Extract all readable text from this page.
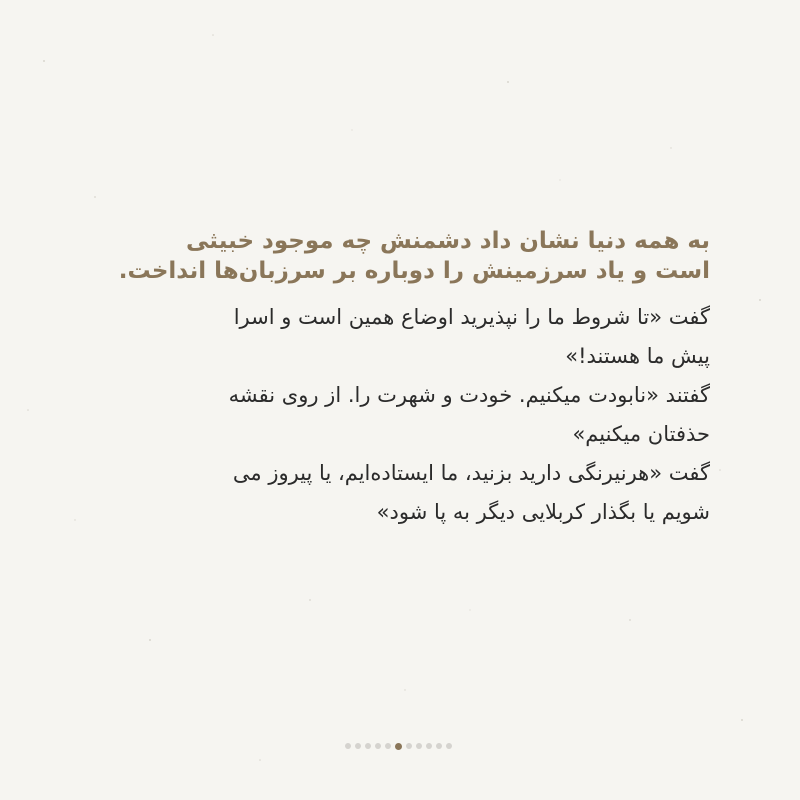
به همه دنیا نشان داد دشمنش چه موجود خبیثی
است و یاد سرزمینش را دوباره بر سرزبان‌ها انداخت.
گفت «تا شروط ما را نپذیرید اوضاع همین است و اسرا
پیش ما هستند!»
گفتند «نابودت میکنیم. خودت و شهرت را. از روی نقشه
حذفتان میکنیم»
گفت «هرنیرنگی دارید بزنید، ما ایستاده‌ایم، یا پیروز می
شویم یا بگذار کربلایی دیگر به پا شود»
